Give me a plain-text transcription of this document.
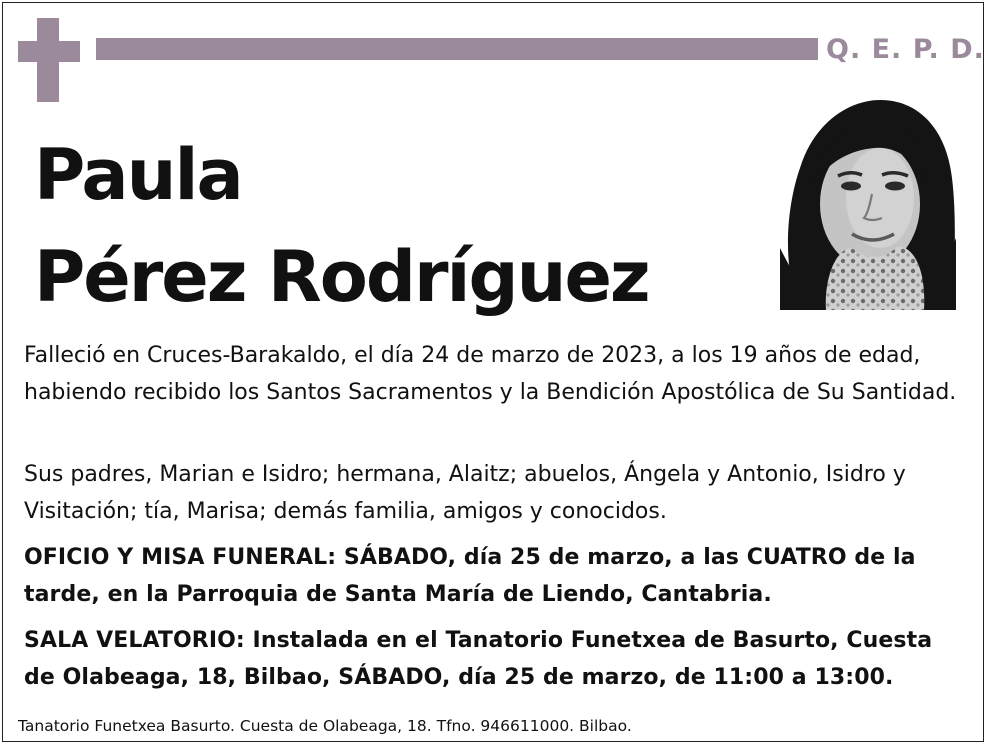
Q. E. P. D.
Paula
Pérez Rodríguez

Falleció en Cruces-Barakaldo, el día 24 de marzo de 2023, a los 19 años de edad, habiendo recibido los Santos Sacramentos y la Bendición Apostólica de Su Santidad.

Sus padres, Marian e Isidro; hermana, Alaitz; abuelos, Ángela y Antonio, Isidro y Visitación; tía, Marisa; demás familia, amigos y conocidos.

OFICIO Y MISA FUNERAL: SÁBADO, día 25 de marzo, a las CUATRO de la tarde, en la Parroquia de Santa María de Liendo, Cantabria.

SALA VELATORIO: Instalada en el Tanatorio Funetxea de Basurto, Cuesta de Olabeaga, 18, Bilbao, SÁBADO, día 25 de marzo, de 11:00 a 13:00.

Tanatorio Funetxea Basurto. Cuesta de Olabeaga, 18. Tfno. 946611000. Bilbao.
